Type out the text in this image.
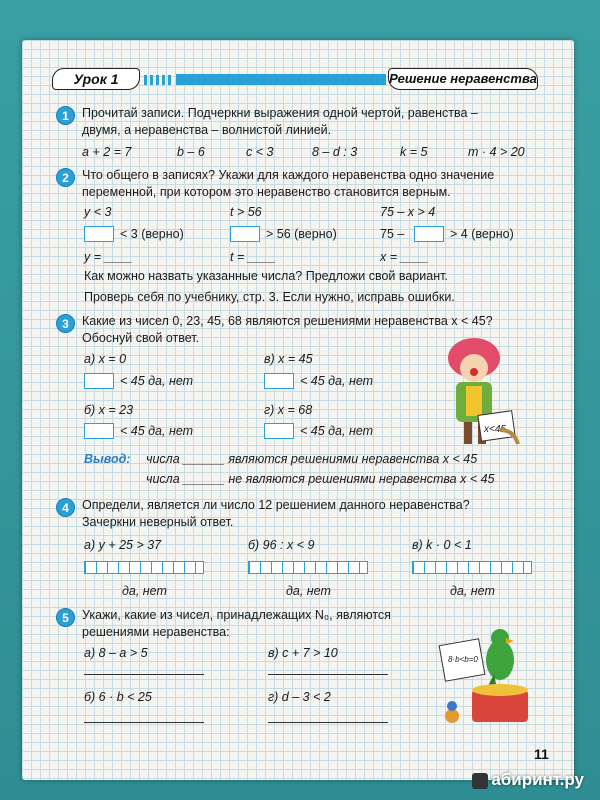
Урок 1	Решение неравенства
1	Прочитай записи. Подчеркни выражения одной чертой, равенства –
двумя, а неравенства – волнистой линией.
a + 2 = 7	b – 6	c < 3	8 – d : 3	k = 5	m · 4 > 20
2	Что общего в записях? Укажи для каждого неравенства одно значение
переменной, при котором это неравенство становится верным.
y < 3	t > 56	75 – x > 4
< 3 (верно)	> 56 (верно)	75 –	> 4 (верно)
y = ____	t = ____	x = ____
Как можно назвать указанные числа? Предложи свой вариант.
Проверь себя по учебнику, стр. 3. Если нужно, исправь ошибки.
3	Какие из чисел 0, 23, 45, 68 являются решениями неравенства x < 45?
Обоснуй свой ответ.
а) x = 0	в) x = 45
< 45 да, нет	< 45 да, нет
б) x = 23	г) x = 68
< 45 да, нет	< 45 да, нет	x<45
Вывод: числа ______ являются решениями неравенства x < 45
числа ______ не являются решениями неравенства x < 45
4	Определи, является ли число 12 решением данного неравенства?
Зачеркни неверный ответ.
а) y + 25 > 37	б) 96 : x < 9	в) k · 0 < 1
да, нет	да, нет	да, нет
5	Укажи, какие из чисел, принадлежащих N₀, являются
решениями неравенства:
а) 8 – a > 5	в) c + 7 > 10
б) 6 · b < 25	г) d – 3 < 2
8·b<b=0
11
абиринт.ру
